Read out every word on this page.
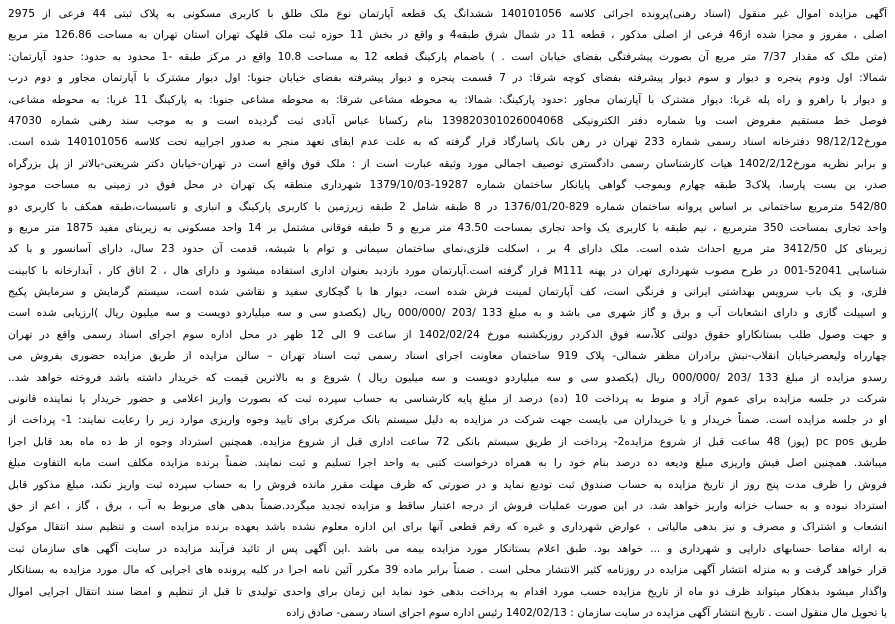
آگهی مزایده اموال غیر منقول (اسناد رهنی)پرونده اجرائی کلاسه 140101056 ششدانگ یک قطعه آپارتمان نوع ملک طلق با کاربری مسکونی به پلاک ثبتی 44 فرعی از 2975
اصلی ، مفروز و مجزا شده از46 فرعی از اصلی مذکور ، قطعه 11 در شمال شرق طبقه4 و واقع در بخش 11 حوزه ثبت ملک قلهک تهران استان تهران به مساحت 126.86 متر مربع
(متن ملک که مقدار 7/37 متر مربع آن بصورت پیشرفتگی بفضای خیابان است . ) باضمام پارکینگ قطعه 12 به مساحت 10.8 واقع در مرکز طبقه -1 محدود به حدود: حدود آپارتمان:
شمالا: اول ودوم پنجره و دیوار و سوم دیوار پیشرفته بفضای کوچه شرقا: در 7 قسمت پنجره و دیوار پیشرفته بفضای خیابان جنوبا: اول دیوار مشترک با آپارتمان مجاور و دوم درب
و دیوار با راهرو و راه پله غربا: دیوار مشترک با آپارتمان مجاور :حدود پارکینگ: شمالا: به محوطه مشاعی شرقا: به محوطه مشاعی جنوبا: به پارکینگ 11 غربا: به محوطه مشاعی،
فوصل خط مستقیم مفروض است وبا شماره دفتر الکترونیکی 139820301026004068 بنام رکسانا عباس آبادی ثبت گردیده است و به موجب سند رهنی شماره 47030
مورخ98/12/12 دفترخانه اسناد رسمی شماره 233 تهران در رهن بانک پاسارگاد قرار گرفته که به علت عدم ایفای تعهد منجر به صدور اجراییه تحت کلاسه 140101056 شده است.
و برابر نظریه مورخ1402/2/12 هیات کارشناسان رسمی دادگستری توصیف اجمالی مورد وثیقه عبارت است از : ملک فوق واقع است در تهران-خیابان دکتر شریعتی-بالاتر از پل بزرگراه
صدر، بن بست پارسا، پلاک3 طبقه چهارم وبموجب گواهی پایانکار ساختمان شماره 19287-1379/10/03 شهرداری منطقه یک تهران در محل فوق در زمینی به مساحت موجود
542/80 مترمربع ساختمانی بر اساس پروانه ساختمان شماره 829-1376/01/20 در 8 طبقه شامل 2 طبقه زیرزمین با کاربری پارکینگ و انباری و تاسیسات،طبقه همکف با کاربری دو
واحد تجاری بمساحت 350 مترمربع ، نیم طبقه با کاربری یک واحد تجاری بمساحت 43.50 متر مربع و 5 طبقه فوقانی مشتمل بر 14 واحد مسکونی به زیربنای مفید 1875 متر مربع و
زیربنای کل 3412/50 متر مربع احداث شده است. ملک دارای 4 بر ، اسکلت فلزی،نمای ساختمان سیمانی و توام با شیشه، قدمت آن حدود 23 سال، دارای آسانسور و با کد
شناسایی 52041-001 در طرح مصوب شهرداری تهران در پهنه M111 قرار گرفته است.آپارتمان مورد بازدید بعنوان اداری استفاده میشود و دارای هال ، 2 اتاق کار ، آبدارخانه با کابینت
فلزی، و یک باب سرویس بهداشتی ایرانی و فرنگی است، کف آپارتمان لمینت فرش شده است، دیوار ها با گچکاری سفید و نقاشی شده است، سیستم گرمایش و سرمایش پکیج
و اسپیلت گازی و دارای انشعابات آب و برق و گاز شهری می باشد و به مبلغ 133 /203 /000/000 ریال (یکصدو سی و سه میلیاردو دویست و سه میلیون ریال )ارزیابی شده است
و جهت وصول طلب بستانکاراو حقوق دولتی کلاً،سه فوق الذکردر روزیکشنبه مورخ 1402/02/24 از ساعت 9 الی 12 ظهر در محل اداره سوم اجرای اسناد رسمی واقع در تهران
چهارراه ولیعصرخیابان انقلاب-نبش برادران مظفر شمالی- پلاک 919 ساختمان معاونت اجرای اسناد رسمی ثبت اسناد تهران – سالن مزایده از طریق مزایده حضوری بفروش می
رسدو مزایده از مبلغ 133 /203 /000/000 ریال (یکصدو سی و سه میلیاردو دویست و سه میلیون ریال ) شروع و به بالاترین قیمت که خریدار داشته باشد فروخته خواهد شد..
شرکت در جلسه مزایده برای عموم آزاد و منوط به پرداخت 10 (ده) درصد از مبلغ پایه کارشناسی به حساب سپرده ثبت که بصورت واریز اعلامی و حضور خریدار یا نماینده قانونی
او در جلسه مزایده است. ضمناً خریدار و یا خریداران می بایست جهت شرکت در مزایده به دلیل سیستم بانک مرکزی برای تایید وجوه واریزی موارد زیر را رعایت نمایند: 1- پرداخت از
طریق pc pos (پوز) 48 ساعت قبل از شروع مزایده2- پرداخت از طریق سیستم بانکی 72 ساعت اداری قبل از شروع مزایده. همچنین استرداد وجوه از ط ده ماه بعد قابل اجرا
میباشد. همچنین اصل فیش واریزی مبلغ ودیعه ده درصد بنام خود را به همراه درخواست کتبی به واحد اجرا تسلیم و ثبت نمایند. ضمناً برنده مزایده مکلف است مابه التفاوت مبلغ
فروش را ظرف مدت پنج روز از تاریخ مزایده به حساب صندوق ثبت تودیع نماید و در صورتی که ظرف مهلت مقرر مانده فروش را به حساب سپرده ثبت واریز نکند، مبلغ مذکور قابل
استرداد نبوده و به حساب خزانه واریز خواهد شد. در این صورت عملیات فروش از درجه اعتبار ساقط و مزایده تجدید میگردد.ضمناً بدهی های مربوط به آب ، برق ، گاز ، اعم از حق
انشعاب و اشتراک و مصرف و نیز بدهی مالیاتی ، عوارض شهرداری و غیره که رقم قطعی آنها برای این اداره معلوم نشده باشد بعهده برنده مزایده است و تنظیم سند انتقال موکول
به ارائه مفاصا حسابهای دارایی و شهرداری و ... خواهد بود. طبق اعلام بستانکار مورد مزایده بیمه می باشد .این آگهی پس از تائید فرآیند مزایده در سایت آگهی های سازمان ثبت
قرار خواهد گرفت و به منزله انتشار آگهی مزایده در روزنامه کثیر الانتشار محلی است . ضمناً برابر ماده 39 مکرر آئین نامه اجرا در کلیه پرونده های اجرایی که مال مورد مزایده به بستانکار
واگذار میشود بدهکار میتواند ظرف دو ماه از تاریخ مزایده حسب مورد اقدام به پرداخت بدهی خود نماید این زمان برای واحدی تولیدی تا قبل از تنظیم و امضا سند انتقال اجرایی اموال
یا تحویل مال منقول است . تاریخ انتشار آگهی مزایده در سایت سازمان : 1402/02/13 رئیس اداره سوم اجرای اسناد رسمی- صادق زاده
